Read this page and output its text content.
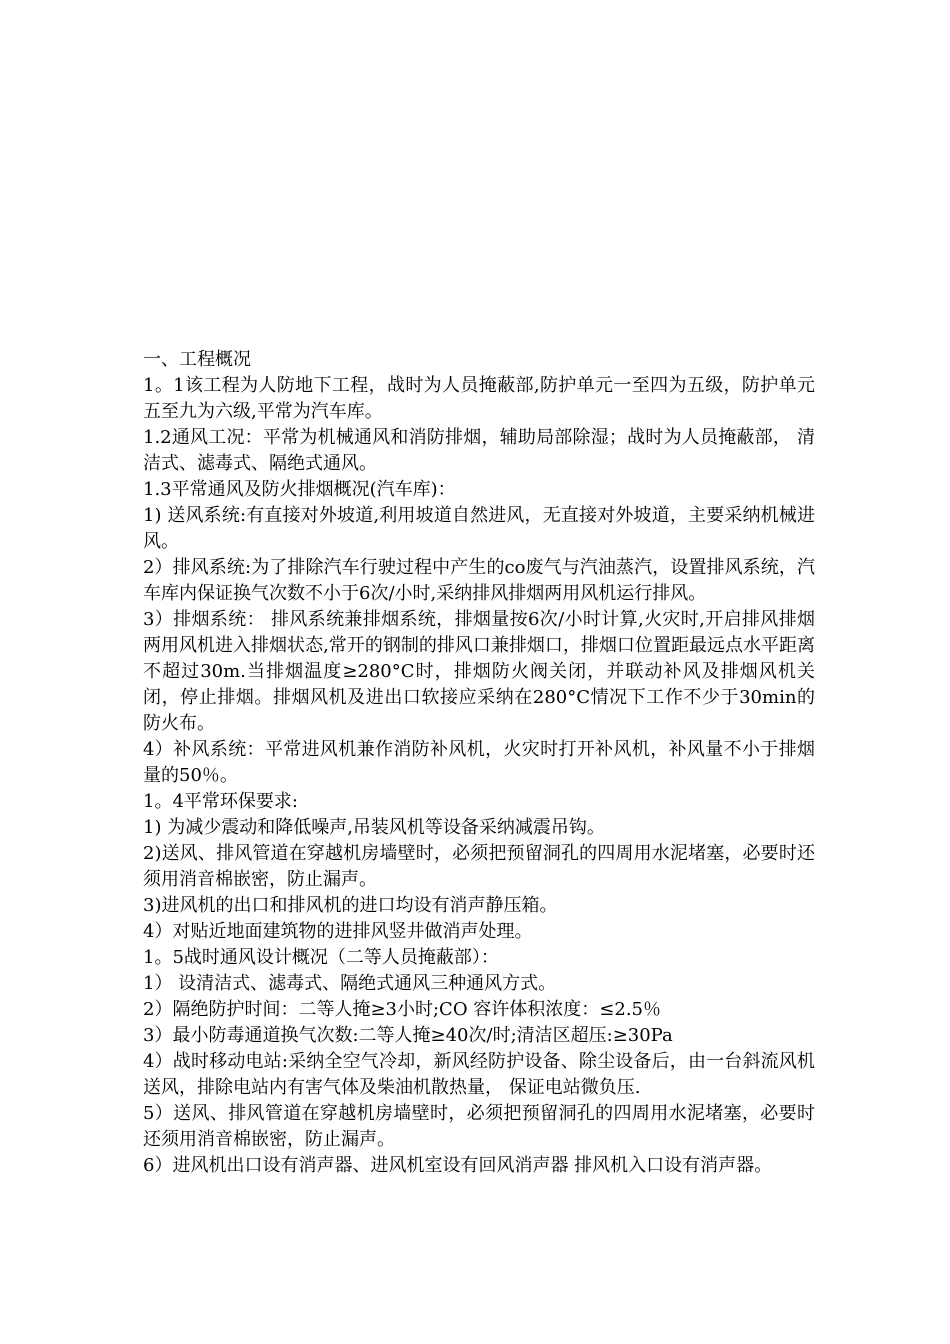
一、工程概况

1。1该工程为人防地下工程，战时为人员掩蔽部,防护单元一至四为五级，防护单元五至九为六级,平常为汽车库。

1.2通风工况：平常为机械通风和消防排烟，辅助局部除湿；战时为人员掩蔽部， 清洁式、滤毒式、隔绝式通风。

1.3平常通风及防火排烟概况(汽车库)：

1) 送风系统:有直接对外坡道,利用坡道自然进风，无直接对外坡道，主要采纳机械进风。

2）排风系统:为了排除汽车行驶过程中产生的co废气与汽油蒸汽，设置排风系统，汽车库内保证换气次数不小于6次/小时,采纳排风排烟两用风机运行排风。

3）排烟系统： 排风系统兼排烟系统，排烟量按6次/小时计算,火灾时,开启排风排烟两用风机进入排烟状态,常开的钢制的排风口兼排烟口，排烟口位置距最远点水平距离不超过30m.当排烟温度≥280°C时，排烟防火阀关闭，并联动补风及排烟风机关闭，停止排烟。排烟风机及进出口软接应采纳在280°C情况下工作不少于30min的防火布。

4）补风系统：平常进风机兼作消防补风机，火灾时打开补风机，补风量不小于排烟量的50％。

1。4平常环保要求:

1) 为减少震动和降低噪声,吊装风机等设备采纳减震吊钩。

2)送风、排风管道在穿越机房墙壁时，必须把预留洞孔的四周用水泥堵塞，必要时还须用消音棉嵌密，防止漏声。

3)进风机的出口和排风机的进口均设有消声静压箱。

4）对贴近地面建筑物的进排风竖井做消声处理。

1。5战时通风设计概况（二等人员掩蔽部）：

1） 设清洁式、滤毒式、隔绝式通风三种通风方式。

2）隔绝防护时间：二等人掩≥3小时;CO 容许体积浓度：≤2.5％

3）最小防毒通道换气次数:二等人掩≥40次/时;清洁区超压:≥30Pa

4）战时移动电站:采纳全空气冷却，新风经防护设备、除尘设备后，由一台斜流风机送风，排除电站内有害气体及柴油机散热量， 保证电站微负压.

5）送风、排风管道在穿越机房墙壁时，必须把预留洞孔的四周用水泥堵塞，必要时还须用消音棉嵌密，防止漏声。

6）进风机出口设有消声器、进风机室设有回风消声器 排风机入口设有消声器。
